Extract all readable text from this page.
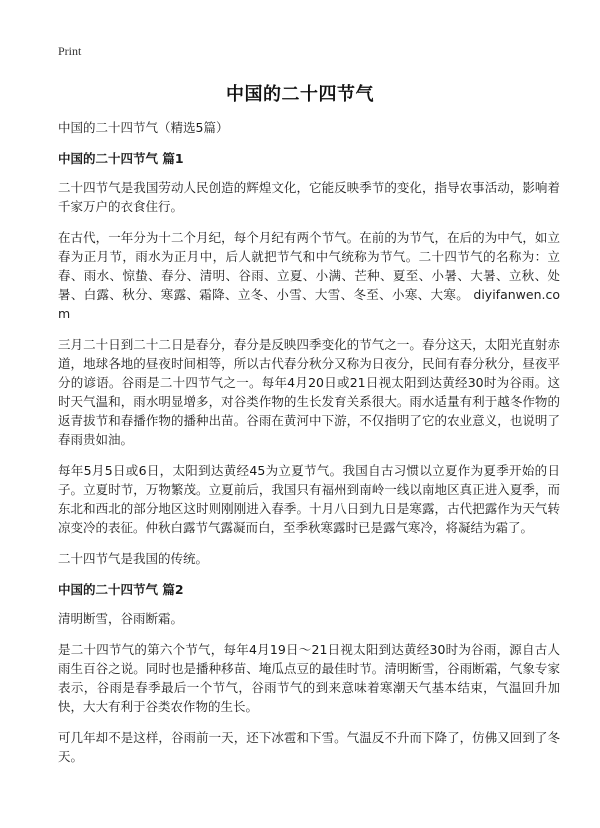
Print
中国的二十四节气

中国的二十四节气（精选5篇）

中国的二十四节气 篇1

二十四节气是我国劳动人民创造的辉煌文化，它能反映季节的变化，指导农事活动，影响着千家万户的衣食住行。

在古代，一年分为十二个月纪，每个月纪有两个节气。在前的为节气，在后的为中气，如立春为正月节，雨水为正月中，后人就把节气和中气统称为节气。二十四节气的名称为：立春、雨水、惊蛰、春分、清明、谷雨、立夏、小满、芒种、夏至、小暑、大暑、立秋、处暑、白露、秋分、寒露、霜降、立冬、小雪、大雪、冬至、小寒、大寒。 diyifanwen.com

三月二十日到二十二日是春分，春分是反映四季变化的节气之一。春分这天，太阳光直射赤道，地球各地的昼夜时间相等，所以古代春分秋分又称为日夜分，民间有春分秋分，昼夜平分的谚语。谷雨是二十四节气之一。每年4月20日或21日视太阳到达黄经30时为谷雨。这时天气温和，雨水明显增多，对谷类作物的生长发育关系很大。雨水适量有利于越冬作物的返青拔节和春播作物的播种出苗。谷雨在黄河中下游，不仅指明了它的农业意义，也说明了春雨贵如油。

每年5月5日或6日，太阳到达黄经45为立夏节气。我国自古习惯以立夏作为夏季开始的日子。立夏时节，万物繁茂。立夏前后，我国只有福州到南岭一线以南地区真正进入夏季，而东北和西北的部分地区这时则刚刚进入春季。十月八日到九日是寒露，古代把露作为天气转凉变冷的表征。仲秋白露节气露凝而白，至季秋寒露时已是露气寒冷，将凝结为霜了。

二十四节气是我国的传统。

中国的二十四节气 篇2

清明断雪，谷雨断霜。

是二十四节气的第六个节气，每年4月19日～21日视太阳到达黄经30时为谷雨，源自古人雨生百谷之说。同时也是播种移苗、埯瓜点豆的最佳时节。清明断雪，谷雨断霜，气象专家表示，谷雨是春季最后一个节气，谷雨节气的到来意味着寒潮天气基本结束，气温回升加快，大大有利于谷类农作物的生长。

可几年却不是这样，谷雨前一天，还下冰雹和下雪。气温反不升而下降了，仿佛又回到了冬天。
